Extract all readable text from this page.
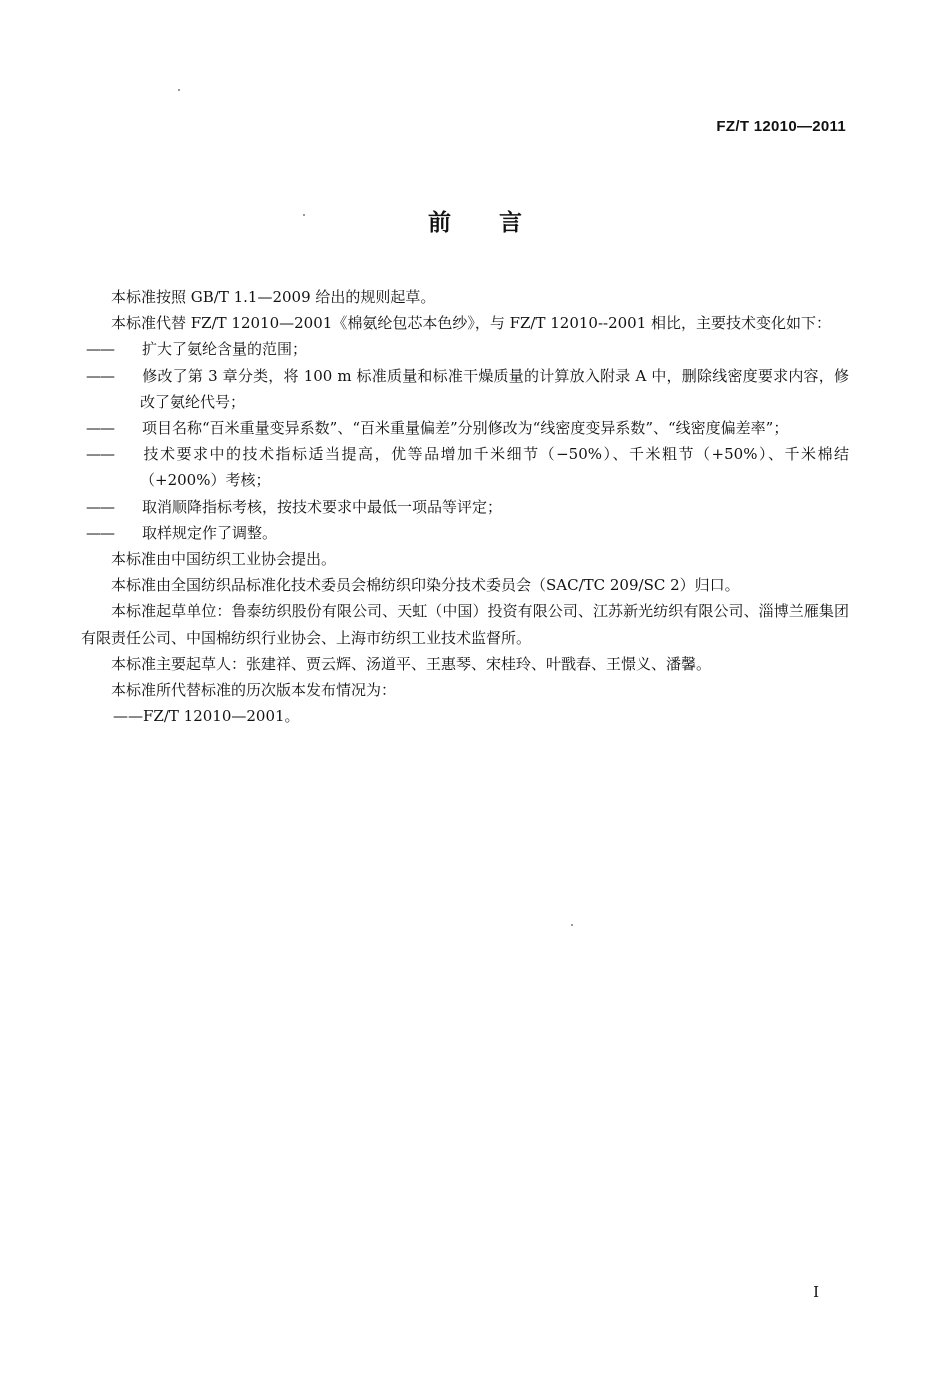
FZ/T 12010—2011
前言

本标准按照 GB/T 1.1—2009 给出的规则起草。

本标准代替 FZ/T 12010—2001《棉氨纶包芯本色纱》，与 FZ/T 12010--2001 相比，主要技术变化如下：

—— 扩大了氨纶含量的范围；

—— 修改了第 3 章分类，将 100 m 标准质量和标准干燥质量的计算放入附录 A 中，删除线密度要求内容，修改了氨纶代号；

—— 项目名称“百米重量变异系数”、“百米重量偏差”分别修改为“线密度变异系数”、“线密度偏差率”；

—— 技术要求中的技术指标适当提高，优等品增加千米细节（−50%）、千米粗节（+50%）、千米棉结（+200%）考核；

—— 取消顺降指标考核，按技术要求中最低一项品等评定；

—— 取样规定作了调整。

本标准由中国纺织工业协会提出。

本标准由全国纺织品标准化技术委员会棉纺织印染分技术委员会（SAC/TC 209/SC 2）归口。

本标准起草单位：鲁泰纺织股份有限公司、天虹（中国）投资有限公司、江苏新光纺织有限公司、淄博兰雁集团有限责任公司、中国棉纺织行业协会、上海市纺织工业技术监督所。

本标准主要起草人：张建祥、贾云辉、汤道平、王惠琴、宋桂玲、叶戬春、王憬义、潘馨。

本标准所代替标准的历次版本发布情况为：

——FZ/T 12010—2001。

I
